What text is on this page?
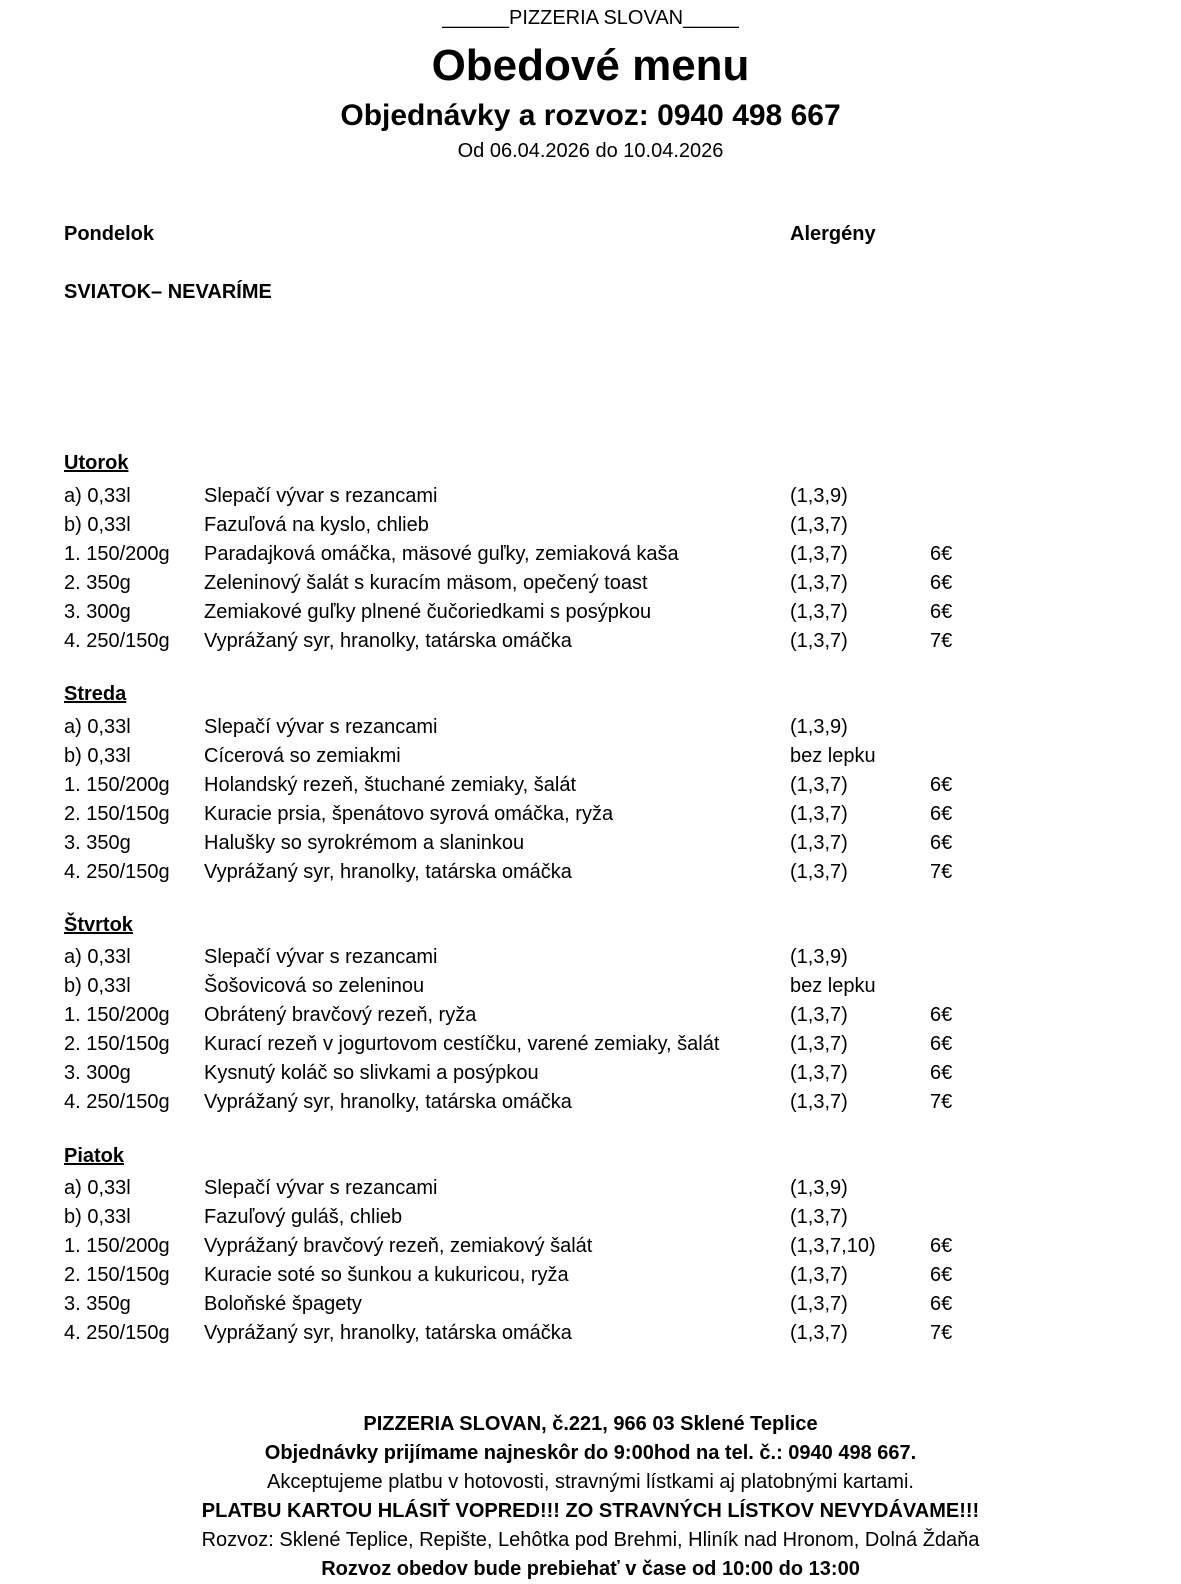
______PIZZERIA SLOVAN_____
Obedové menu
Objednávky a rozvoz: 0940 498 667
Od 06.04.2026 do 10.04.2026
Pondelok	Alergény
SVIATOK– NEVARÍME
Utorok
a) 0,33l	Slepačí vývar s rezancami	(1,3,9)
b) 0,33l	Fazuľová na kyslo, chlieb	(1,3,7)
1. 150/200g Paradajková omáčka, mäsové guľky, zemiaková kaša	(1,3,7)	6€
2. 350g	Zeleninový šalát s kuracím mäsom, opečený toast	(1,3,7)	6€
3. 300g	Zemiakové guľky plnené čučoriedkami s posýpkou	(1,3,7)	6€
4. 250/150g Vyprážaný syr, hranolky, tatárska omáčka	(1,3,7)	7€
Streda
a) 0,33l	Slepačí vývar s rezancami	(1,3,9)
b) 0,33l	Cícerová so zemiakmi	bez lepku
1. 150/200g Holandský rezeň, štuchané zemiaky, šalát	(1,3,7)	6€
2. 150/150g Kuracie prsia, špenátovo syrová omáčka, ryža	(1,3,7)	6€
3. 350g	Halušky so syrokrémom a slaninkou	(1,3,7)	6€
4. 250/150g Vyprážaný syr, hranolky, tatárska omáčka	(1,3,7)	7€
Štvrtok
a) 0,33l	Slepačí vývar s rezancami	(1,3,9)
b) 0,33l	Šošovicová so zeleninou	bez lepku
1. 150/200g Obrátený bravčový rezeň, ryža	(1,3,7)	6€
2. 150/150g Kurací rezeň v jogurtovom cestíčku, varené zemiaky, šalát	(1,3,7)	6€
3. 300g	Kysnutý koláč so slivkami a posýpkou	(1,3,7)	6€
4. 250/150g Vyprážaný syr, hranolky, tatárska omáčka	(1,3,7)	7€
Piatok
a) 0,33l	Slepačí vývar s rezancami	(1,3,9)
b) 0,33l	Fazuľový guláš, chlieb	(1,3,7)
1. 150/200g Vyprážaný bravčový rezeň, zemiakový šalát	(1,3,7,10)	6€
2. 150/150g Kuracie soté so šunkou a kukuricou, ryža	(1,3,7)	6€
3. 350g	Boloňské špagety	(1,3,7)	6€
4. 250/150g Vyprážaný syr, hranolky, tatárska omáčka	(1,3,7)	7€
PIZZERIA SLOVAN, č.221, 966 03 Sklené Teplice
Objednávky prijímame najneskôr do 9:00hod na tel. č.: 0940 498 667.
Akceptujeme platbu v hotovosti, stravnými lístkami aj platobnými kartami.
PLATBU KARTOU HLÁSIŤ VOPRED!!! ZO STRAVNÝCH LÍSTKOV NEVYDÁVAME!!!
Rozvoz: Sklené Teplice, Repište, Lehôtka pod Brehmi, Hliník nad Hronom, Dolná Ždaňa
Rozvoz obedov bude prebiehať v čase od 10:00 do 13:00
